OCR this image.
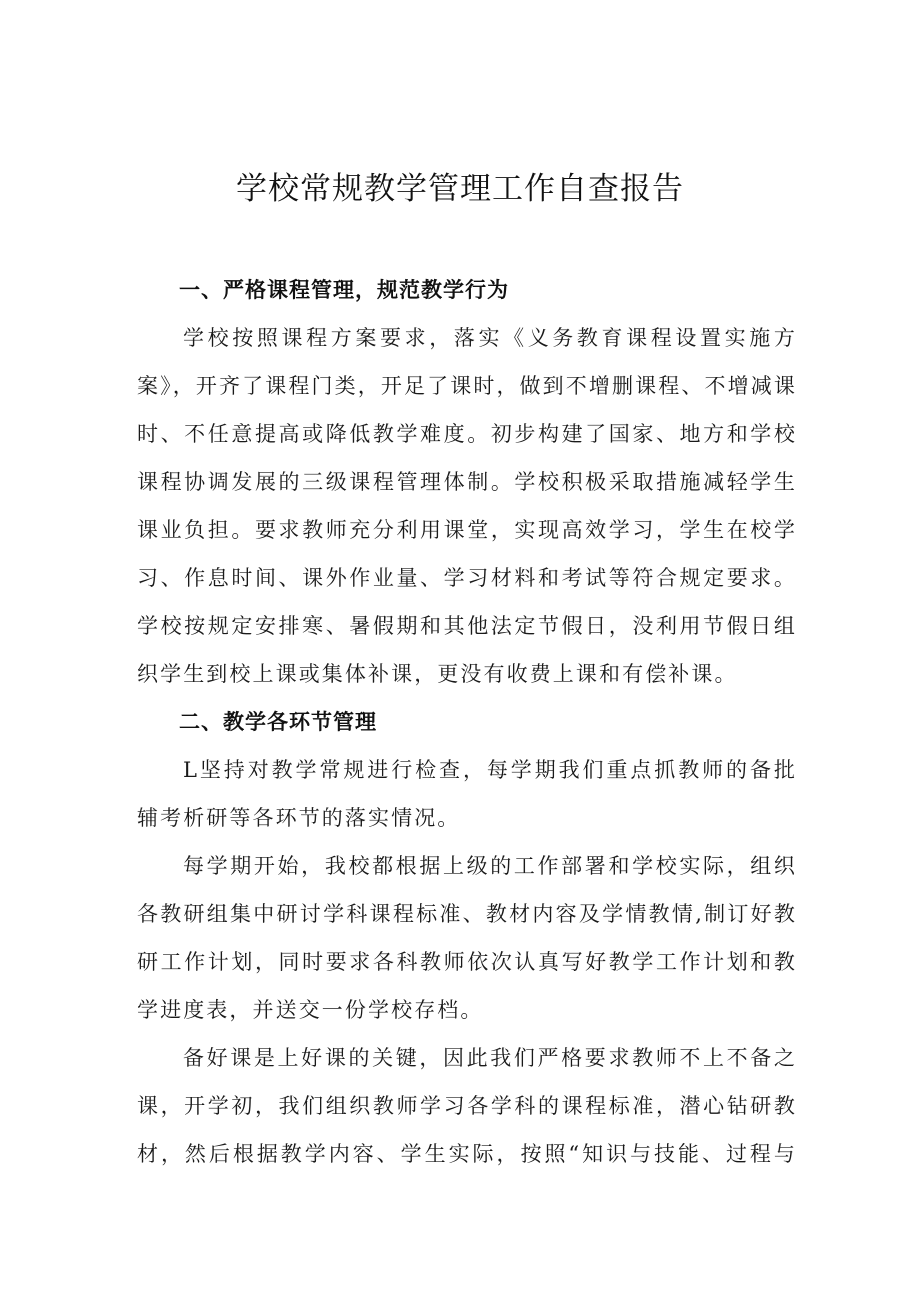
学校常规教学管理工作自查报告
一、严格课程管理，规范教学行为

学校按照课程方案要求，落实《义务教育课程设置实施方案》，开齐了课程门类，开足了课时，做到不增删课程、不增减课时、不任意提高或降低教学难度。初步构建了国家、地方和学校课程协调发展的三级课程管理体制。学校积极采取措施减轻学生课业负担。要求教师充分利用课堂，实现高效学习，学生在校学习、作息时间、课外作业量、学习材料和考试等符合规定要求。学校按规定安排寒、暑假期和其他法定节假日，没利用节假日组织学生到校上课或集体补课，更没有收费上课和有偿补课。

二、教学各环节管理

L坚持对教学常规进行检查，每学期我们重点抓教师的备批辅考析研等各环节的落实情况。

每学期开始，我校都根据上级的工作部署和学校实际，组织各教研组集中研讨学科课程标准、教材内容及学情教情,制订好教研工作计划，同时要求各科教师依次认真写好教学工作计划和教学进度表，并送交一份学校存档。

备好课是上好课的关键，因此我们严格要求教师不上不备之课，开学初，我们组织教师学习各学科的课程标准，潜心钻研教材，然后根据教学内容、学生实际，按照“知识与技能、过程与
